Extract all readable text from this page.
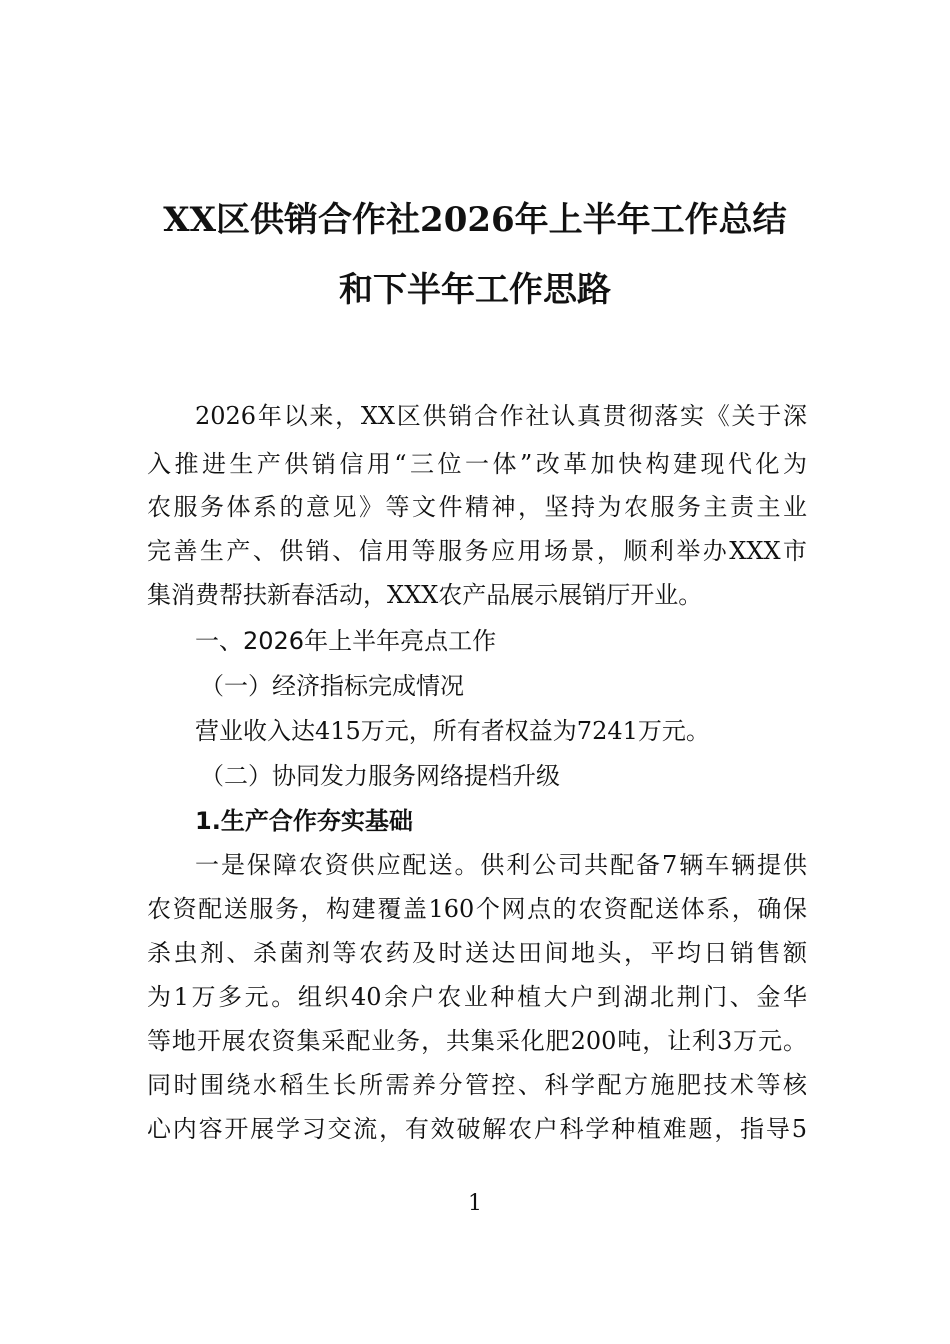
XX区供销合作社2026年上半年工作总结
和下半年工作思路

2026年以来，XX区供销合作社认真贯彻落实《关于深

入推进生产供销信用“三位一体”改革加快构建现代化为

农服务体系的意见》等文件精神，坚持为农服务主责主业

完善生产、供销、信用等服务应用场景，顺利举办XXX市

集消费帮扶新春活动，XXX农产品展示展销厅开业。

一、2026年上半年亮点工作

（一）经济指标完成情况

营业收入达415万元，所有者权益为7241万元。

（二）协同发力服务网络提档升级

1.生产合作夯实基础

一是保障农资供应配送。供利公司共配备7辆车辆提供

农资配送服务，构建覆盖160个网点的农资配送体系，确保

杀虫剂、杀菌剂等农药及时送达田间地头，平均日销售额

为1万多元。组织40余户农业种植大户到湖北荆门、金华

等地开展农资集采配业务，共集采化肥200吨，让利3万元。

同时围绕水稻生长所需养分管控、科学配方施肥技术等核

心内容开展学习交流，有效破解农户科学种植难题，指导5

1
